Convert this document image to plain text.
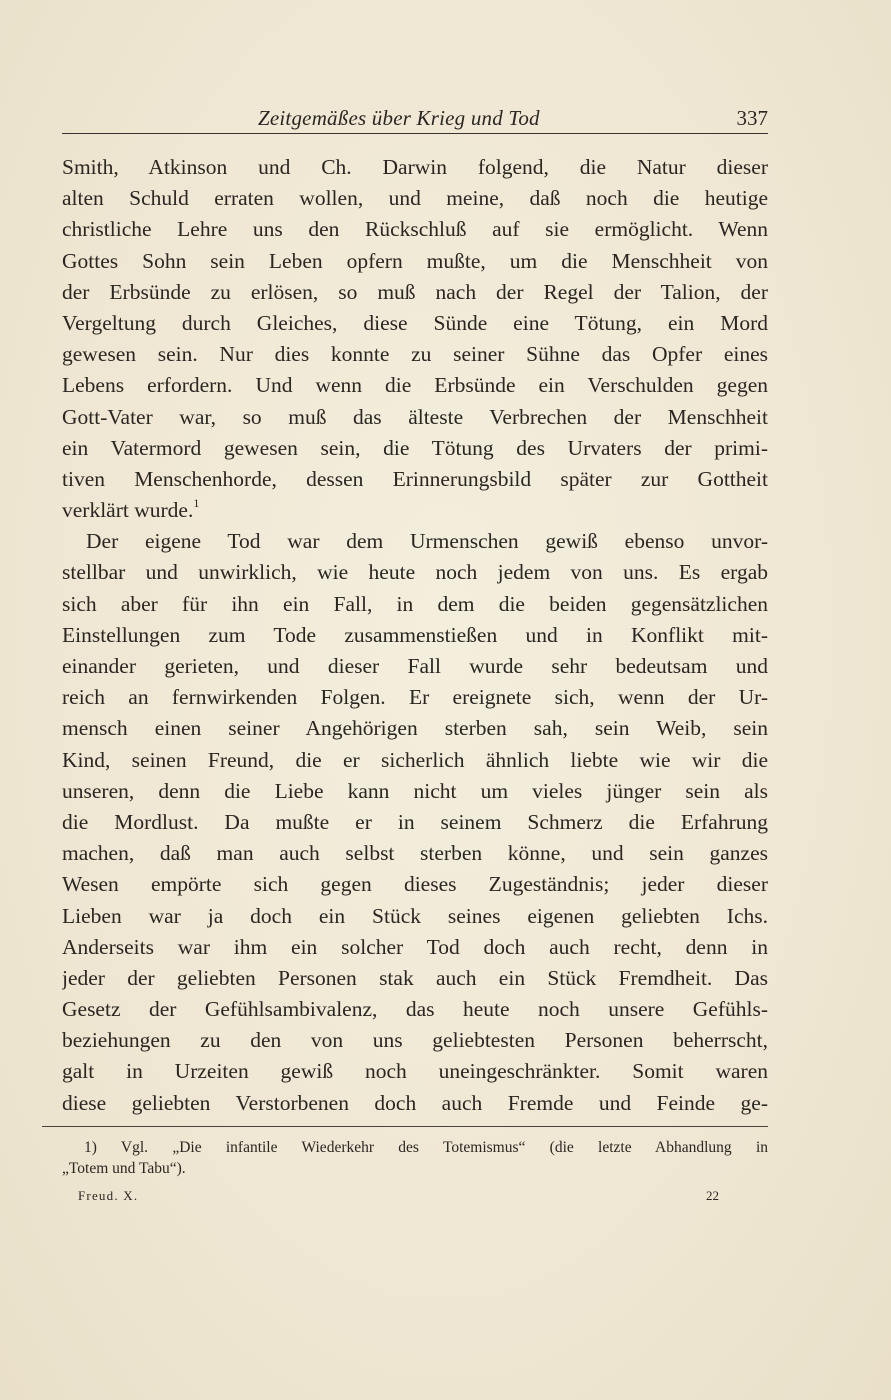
Zeitgemäßes über Krieg und Tod	337
Smith, Atkinson und Ch. Darwin folgend, die Natur dieser
alten Schuld erraten wollen, und meine, daß noch die heutige
christliche Lehre uns den Rückschluß auf sie ermöglicht. Wenn
Gottes Sohn sein Leben opfern mußte, um die Menschheit von
der Erbsünde zu erlösen, so muß nach der Regel der Talion, der
Vergeltung durch Gleiches, diese Sünde eine Tötung, ein Mord
gewesen sein. Nur dies konnte zu seiner Sühne das Opfer eines
Lebens erfordern. Und wenn die Erbsünde ein Verschulden gegen
Gott-Vater war, so muß das älteste Verbrechen der Menschheit
ein Vatermord gewesen sein, die Tötung des Urvaters der primi-
tiven Menschenhorde, dessen Erinnerungsbild später zur Gottheit
verklärt wurde.$^1$
Der eigene Tod war dem Urmenschen gewiß ebenso unvor-
stellbar und unwirklich, wie heute noch jedem von uns. Es ergab
sich aber für ihn ein Fall, in dem die beiden gegensätzlichen
Einstellungen zum Tode zusammenstießen und in Konflikt mit-
einander gerieten, und dieser Fall wurde sehr bedeutsam und
reich an fernwirkenden Folgen. Er ereignete sich, wenn der Ur-
mensch einen seiner Angehörigen sterben sah, sein Weib, sein
Kind, seinen Freund, die er sicherlich ähnlich liebte wie wir die
unseren, denn die Liebe kann nicht um vieles jünger sein als
die Mordlust. Da mußte er in seinem Schmerz die Erfahrung
machen, daß man auch selbst sterben könne, und sein ganzes
Wesen empörte sich gegen dieses Zugeständnis; jeder dieser
Lieben war ja doch ein Stück seines eigenen geliebten Ichs.
Anderseits war ihm ein solcher Tod doch auch recht, denn in
jeder der geliebten Personen stak auch ein Stück Fremdheit. Das
Gesetz der Gefühlsambivalenz, das heute noch unsere Gefühls-
beziehungen zu den von uns geliebtesten Personen beherrscht,
galt in Urzeiten gewiß noch uneingeschränkter. Somit waren
diese geliebten Verstorbenen doch auch Fremde und Feinde ge-
1) Vgl. „Die infantile Wiederkehr des Totemismus“ (die letzte Abhandlung in
„Totem und Tabu“).
Freud. X.	22
